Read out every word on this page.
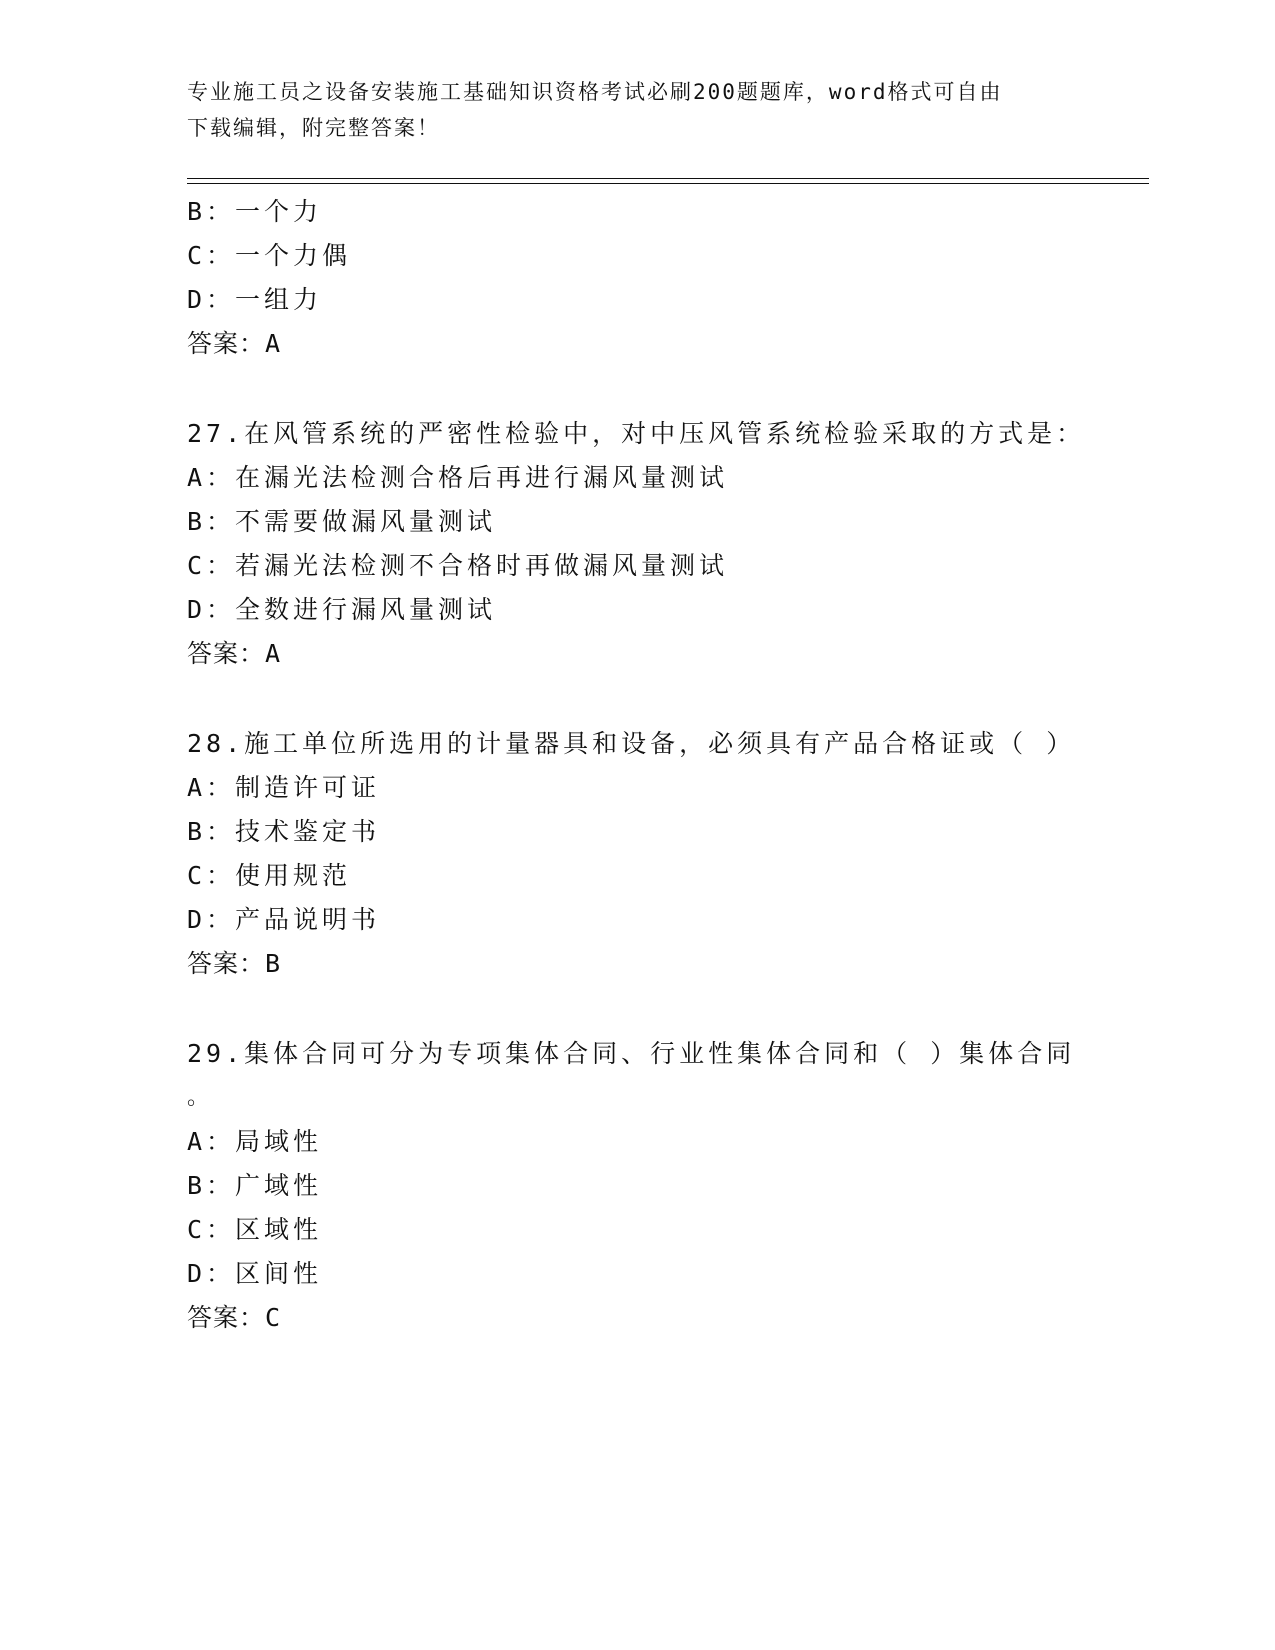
专业施工员之设备安装施工基础知识资格考试必刷200题题库，word格式可自由
下载编辑，附完整答案！
B：一个力
C：一个力偶
D：一组力
答案：A
27.在风管系统的严密性检验中，对中压风管系统检验采取的方式是：
A：在漏光法检测合格后再进行漏风量测试
B：不需要做漏风量测试
C：若漏光法检测不合格时再做漏风量测试
D：全数进行漏风量测试
答案：A
28.施工单位所选用的计量器具和设备，必须具有产品合格证或（ ）
A：制造许可证
B：技术鉴定书
C：使用规范
D：产品说明书
答案：B
29.集体合同可分为专项集体合同、行业性集体合同和（ ）集体合同
。
A：局域性
B：广域性
C：区域性
D：区间性
答案：C
